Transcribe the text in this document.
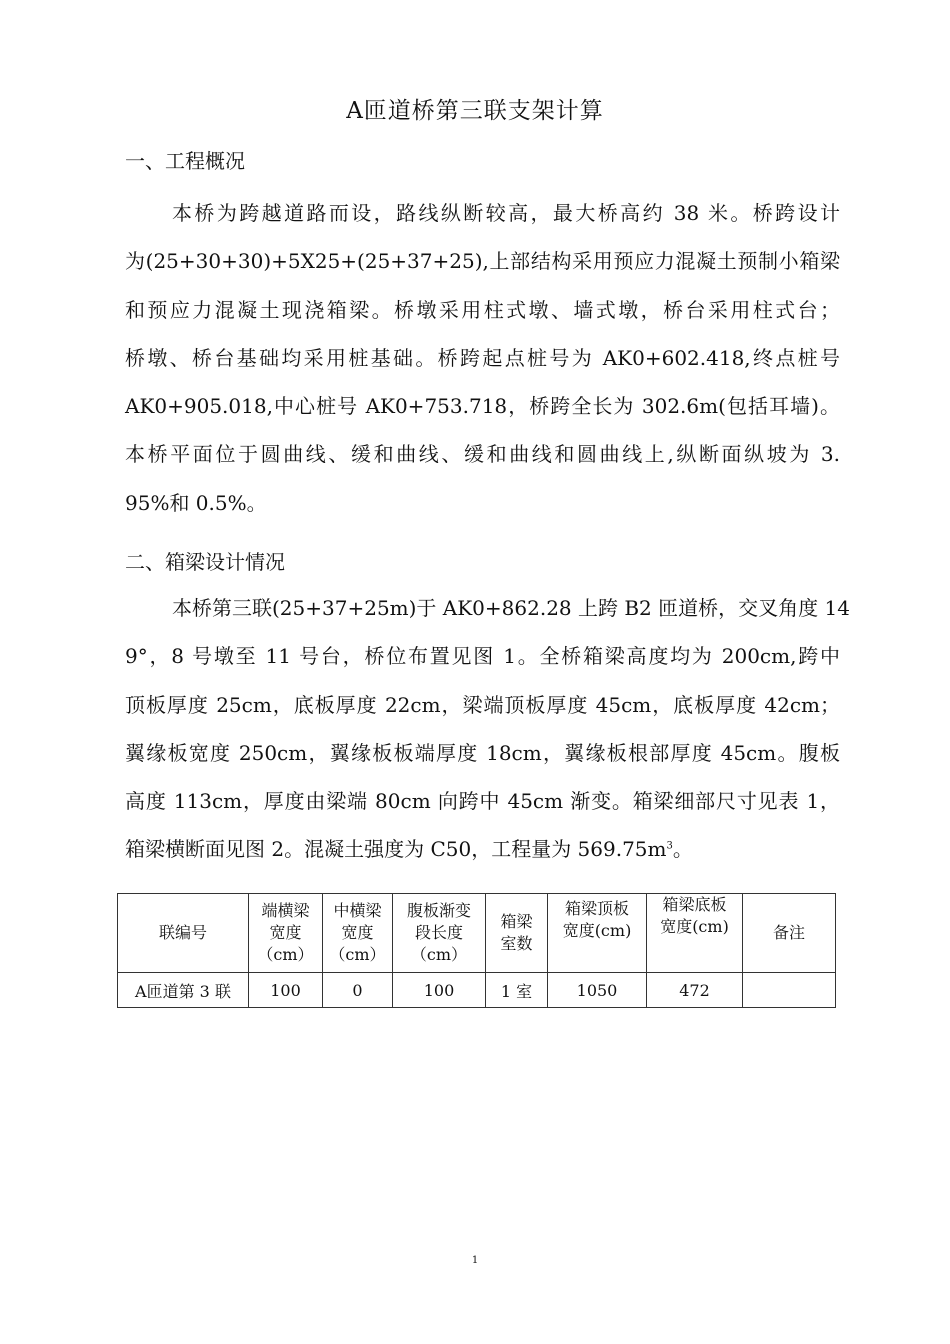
A匝道桥第三联支架计算
一、工程概况
本桥为跨越道路而设，路线纵断较高，最大桥高约 38 米。桥跨设计
为(25+30+30)+5X25+(25+37+25),上部结构采用预应力混凝土预制小箱梁
和预应力混凝土现浇箱梁。桥墩采用柱式墩、墙式墩，桥台采用柱式台；
桥墩、桥台基础均采用桩基础。桥跨起点桩号为 AK0+602.418,终点桩号
AK0+905.018,中心桩号 AK0+753.718，桥跨全长为 302.6m(包括耳墙)。
本桥平面位于圆曲线、缓和曲线、缓和曲线和圆曲线上,纵断面纵坡为 3.
95%和 0.5%。
二、箱梁设计情况
本桥第三联(25+37+25m)于 AK0+862.28 上跨 B2 匝道桥，交叉角度 14
9°，8 号墩至 11 号台，桥位布置见图 1。全桥箱梁高度均为 200cm,跨中
顶板厚度 25cm，底板厚度 22cm，梁端顶板厚度 45cm，底板厚度 42cm；
翼缘板宽度 250cm，翼缘板板端厚度 18cm，翼缘板根部厚度 45cm。腹板
高度 113cm，厚度由梁端 80cm 向跨中 45cm 渐变。箱梁细部尺寸见表 1，
箱梁横断面见图 2。混凝土强度为 C50，工程量为 $569.75m^3$。
联编号	端横梁
宽度
（cm）	中横梁
宽度
（cm）	腹板渐变
段长度
（cm）	箱梁
室数	箱梁顶板
宽度(cm)	箱梁底板
宽度(cm)	备注
A匝道第 3 联	100	0	100	1 室	1050	472	
1
